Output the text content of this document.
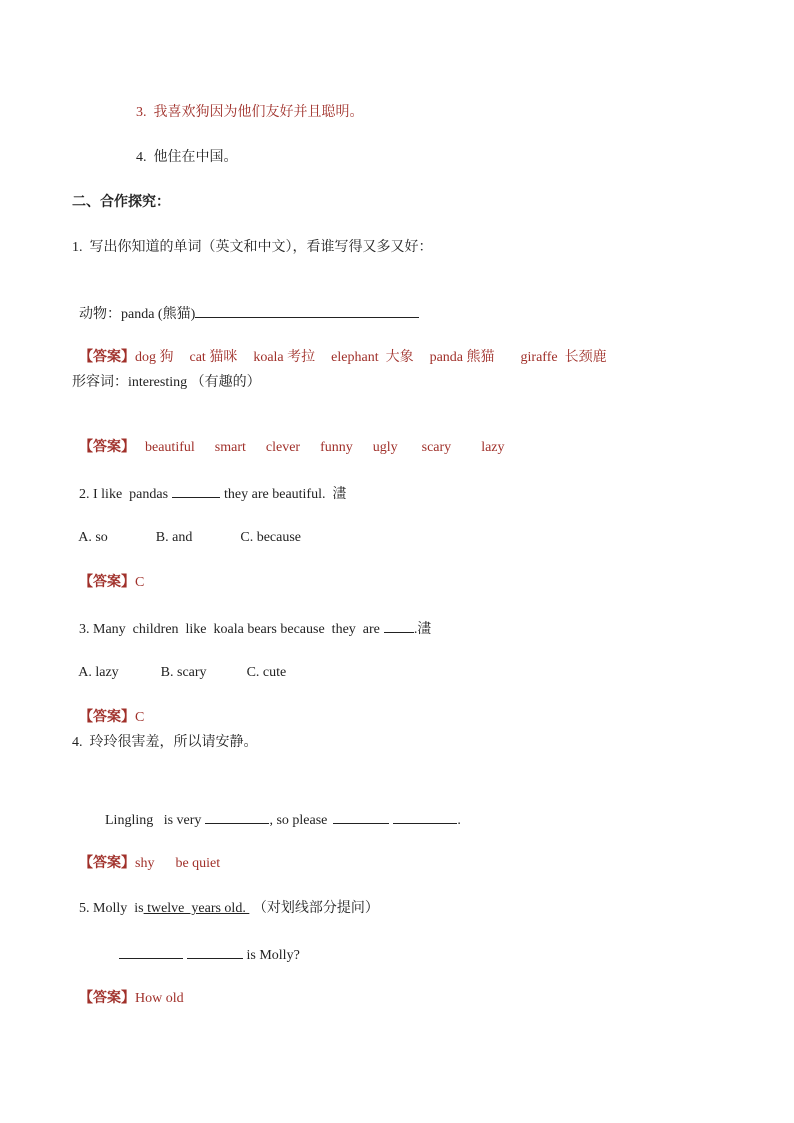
3.  我喜欢狗因为他们友好并且聪明。
4.  他住在中国。
二、合作探究：
1.  写出你知道的单词（英文和中文），看谁写得又多又好：

动物：panda (熊猫)

【答案】dog 狗 cat 猫咪 koala 考拉 elephant  大象 panda 熊猫 giraffe  长颈鹿

形容词：interesting （有趣的）

【答案】 beautiful smart clever funny ugly scary lazy

2. I like  pandas	they are beautiful.  澅

A. so	B. and	C. because

【答案】C

3. Many  children  like  koala bears because  they  are .澅

A. lazy	B. scary	C. cute

【答案】C

4.  玲玲很害羞，所以请安静。

Lingling   is very	, so please	.

【答案】shy      be quiet

5. Molly  is twelve  years old.  （对划线部分提问）

is Molly?

【答案】How old
